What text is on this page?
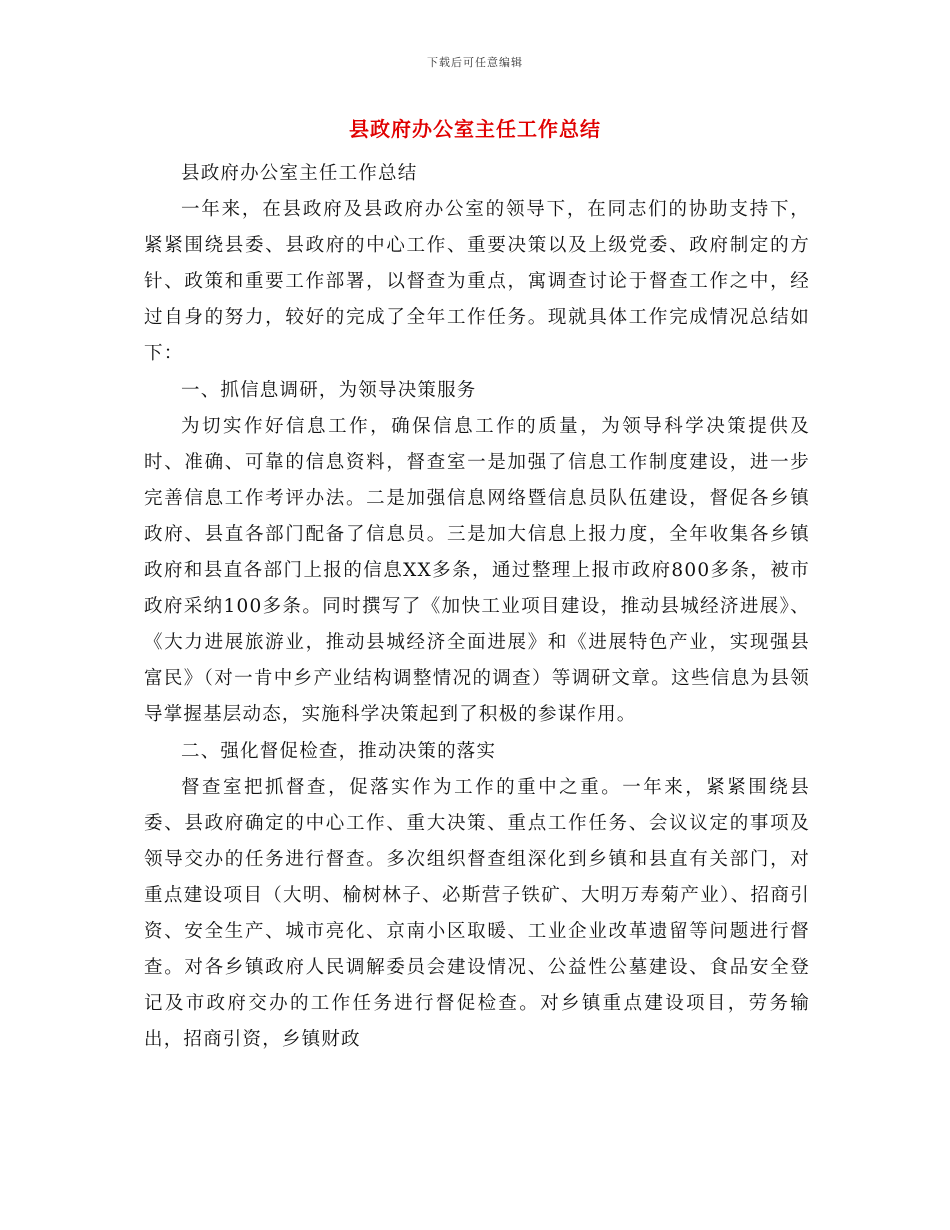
下载后可任意编辑
县政府办公室主任工作总结

县政府办公室主任工作总结

一年来，在县政府及县政府办公室的领导下，在同志们的协助支持下，紧紧围绕县委、县政府的中心工作、重要决策以及上级党委、政府制定的方针、政策和重要工作部署，以督查为重点，寓调查讨论于督查工作之中，经过自身的努力，较好的完成了全年工作任务。现就具体工作完成情况总结如下：

一、抓信息调研，为领导决策服务

为切实作好信息工作，确保信息工作的质量，为领导科学决策提供及时、准确、可靠的信息资料，督查室一是加强了信息工作制度建设，进一步完善信息工作考评办法。二是加强信息网络暨信息员队伍建设，督促各乡镇政府、县直各部门配备了信息员。三是加大信息上报力度，全年收集各乡镇政府和县直各部门上报的信息XX多条，通过整理上报市政府800多条，被市政府采纳100多条。同时撰写了《加快工业项目建设，推动县城经济进展》、《大力进展旅游业，推动县城经济全面进展》和《进展特色产业，实现强县富民》（对一肯中乡产业结构调整情况的调查）等调研文章。这些信息为县领导掌握基层动态，实施科学决策起到了积极的参谋作用。

二、强化督促检查，推动决策的落实

督查室把抓督查，促落实作为工作的重中之重。一年来，紧紧围绕县委、县政府确定的中心工作、重大决策、重点工作任务、会议议定的事项及领导交办的任务进行督查。多次组织督查组深化到乡镇和县直有关部门，对重点建设项目（大明、榆树林子、必斯营子铁矿、大明万寿菊产业）、招商引资、安全生产、城市亮化、京南小区取暖、工业企业改革遗留等问题进行督查。对各乡镇政府人民调解委员会建设情况、公益性公墓建设、食品安全登记及市政府交办的工作任务进行督促检查。对乡镇重点建设项目，劳务输出，招商引资，乡镇财政
